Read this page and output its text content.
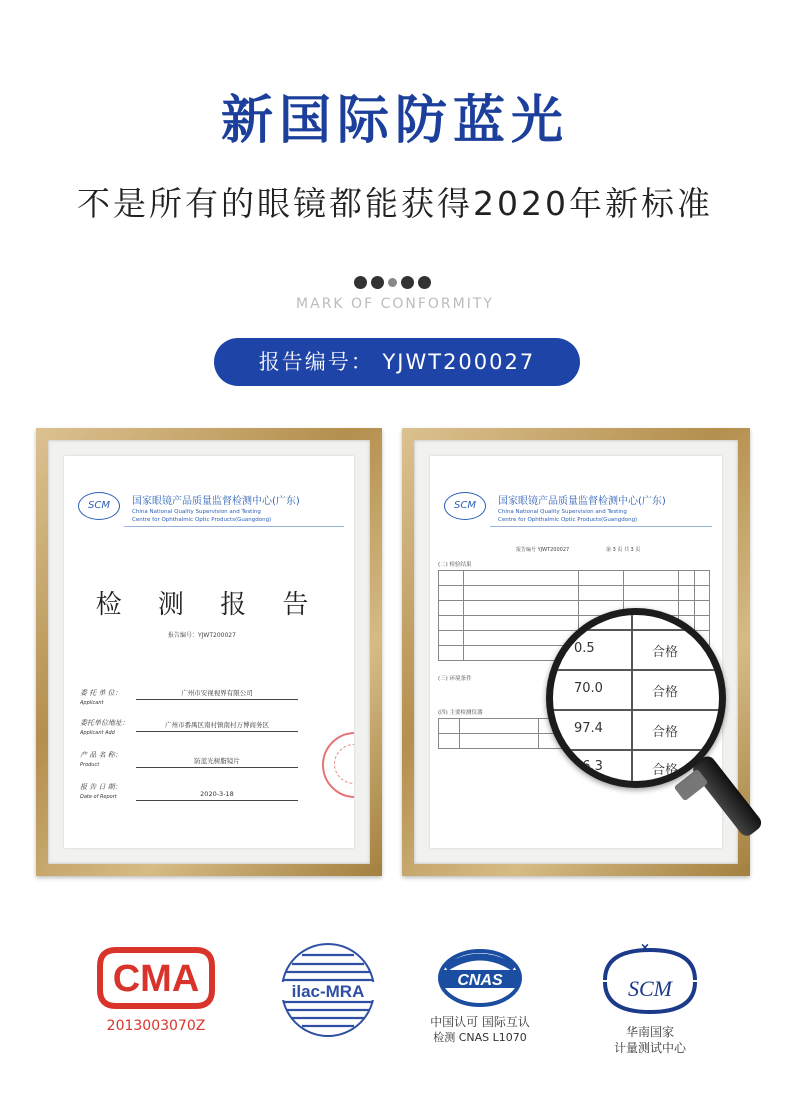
新国际防蓝光
不是所有的眼镜都能获得2020年新标准
MARK OF CONFORMITY
报告编号： YJWT200027
SCM	国家眼镜产品质量监督检测中心(广东)
China National Quality Supervision and Testing
Centre for Ophthalmic Optic Products(Guangdong)
检 测 报 告
报告编号：YJWT200027
委 托 单 位：
Applicant
广州市安视视界有限公司
委托单位地址：
Applicant Add
广州市番禺区南村镇南村万博商务区
产 品 名 称：
Product	防蓝光树脂镜片
报 告 日 期：
Date of Report	2020-3-18
SCM	国家眼镜产品质量监督检测中心(广东)
China National Quality Supervision and Testing
Centre for Ophthalmic Optic Products(Guangdong)
报告编号 YJWT200027	第 3 页 共 3 页
(二) 检验结果

(三) 环境条件
(四) 主要检测仪器

0.5	合格
70.0	合格
97.4	合格
96.3	合格
CMA
2013003070Z
ilac-MRA
CNAS
中国认可 国际互认
检测 CNAS L1070
×
SCM
华南国家
计量测试中心
